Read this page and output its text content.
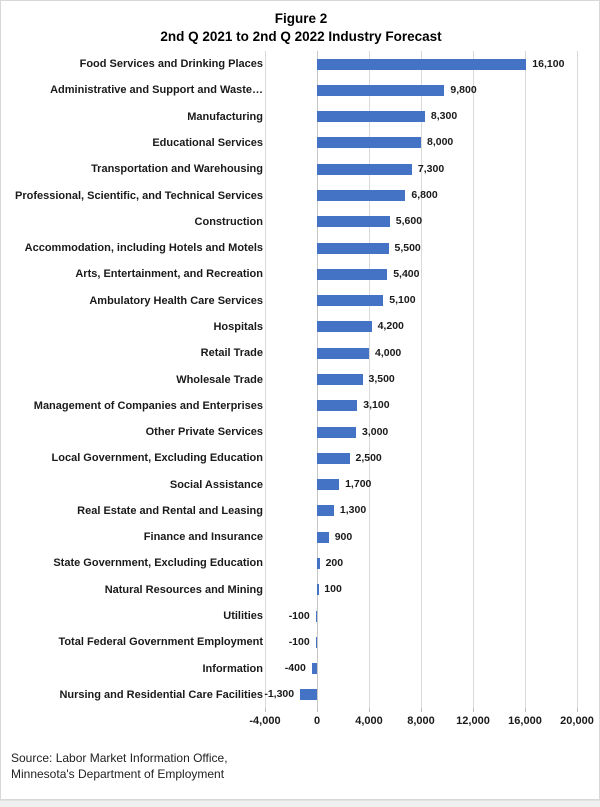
Figure 2
2nd Q 2021 to 2nd Q 2022 Industry Forecast
-4,000	0	4,000 8,000 12,000 16,000 20,000
Food Services and Drinking Places	16,100
Administrative and Support and Waste…	9,800
Manufacturing	8,300
Educational Services	8,000
Transportation and Warehousing	7,300
Professional, Scientific, and Technical Services	6,800
Construction	5,600
Accommodation, including Hotels and Motels	5,500
Arts, Entertainment, and Recreation	5,400
Ambulatory Health Care Services	5,100
Hospitals	4,200
Retail Trade	4,000
Wholesale Trade	3,500
Management of Companies and Enterprises	3,100
Other Private Services	3,000
Local Government, Excluding Education	2,500
Social Assistance	1,700
Real Estate and Rental and Leasing	1,300
Finance and Insurance	900
State Government, Excluding Education	200
Natural Resources and Mining	100
Utilities -100
Total Federal Government Employment -100
Information -400
Nursing and Residential Care Facilities -1,300
Source: Labor Market Information Office,
Minnesota's Department of Employment
